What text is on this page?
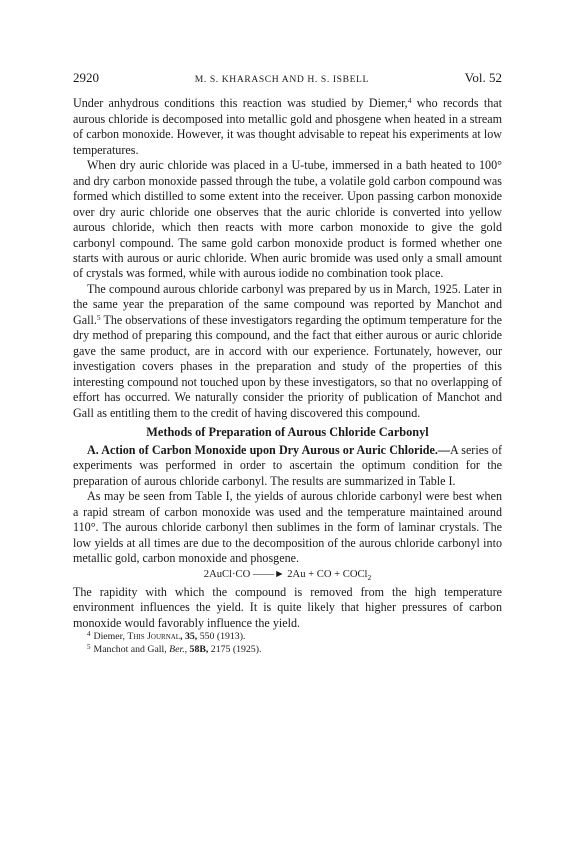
2920	M. S. KHARASCH AND H. S. ISBELL	Vol. 52

Under anhydrous conditions this reaction was studied by Diemer,$^4$ who records that aurous chloride is decomposed into metallic gold and phosgene when heated in a stream of carbon monoxide. However, it was thought advisable to repeat his experiments at low temperatures.

When dry auric chloride was placed in a U-tube, immersed in a bath heated to 100° and dry carbon monoxide passed through the tube, a volatile gold carbon compound was formed which distilled to some extent into the receiver. Upon passing carbon monoxide over dry auric chloride one observes that the auric chloride is converted into yellow aurous chloride, which then reacts with more carbon monoxide to give the gold carbonyl compound. The same gold carbon monoxide product is formed whether one starts with aurous or auric chloride. When auric bromide was used only a small amount of crystals was formed, while with aurous iodide no combination took place.

The compound aurous chloride carbonyl was prepared by us in March, 1925. Later in the same year the preparation of the same compound was reported by Manchot and Gall.$^5$ The observations of these investigators regarding the optimum temperature for the dry method of preparing this compound, and the fact that either aurous or auric chloride gave the same product, are in accord with our experience. Fortunately, however, our investigation covers phases in the preparation and study of the properties of this interesting compound not touched upon by these investigators, so that no overlapping of effort has occurred. We naturally consider the priority of publication of Manchot and Gall as entitling them to the credit of having discovered this compound.

Methods of Preparation of Aurous Chloride Carbonyl

A. Action of Carbon Monoxide upon Dry Aurous or Auric Chloride.—A series of experiments was performed in order to ascertain the optimum condition for the preparation of aurous chloride carbonyl. The results are summarized in Table I.

As may be seen from Table I, the yields of aurous chloride carbonyl were best when a rapid stream of carbon monoxide was used and the temperature maintained around 110°. The aurous chloride carbonyl then sublimes in the form of laminar crystals. The low yields at all times are due to the decomposition of the aurous chloride carbonyl into metallic gold, carbon monoxide and phosgene.

2AuCl·CO ——► 2Au + CO + COCl$_2$

The rapidity with which the compound is removed from the high temperature environment influences the yield. It is quite likely that higher pressures of carbon monoxide would favorably influence the yield.

$^4$ Diemer, This Journal, 35, 550 (1913).
$^5$ Manchot and Gall, Ber., 58B, 2175 (1925).
